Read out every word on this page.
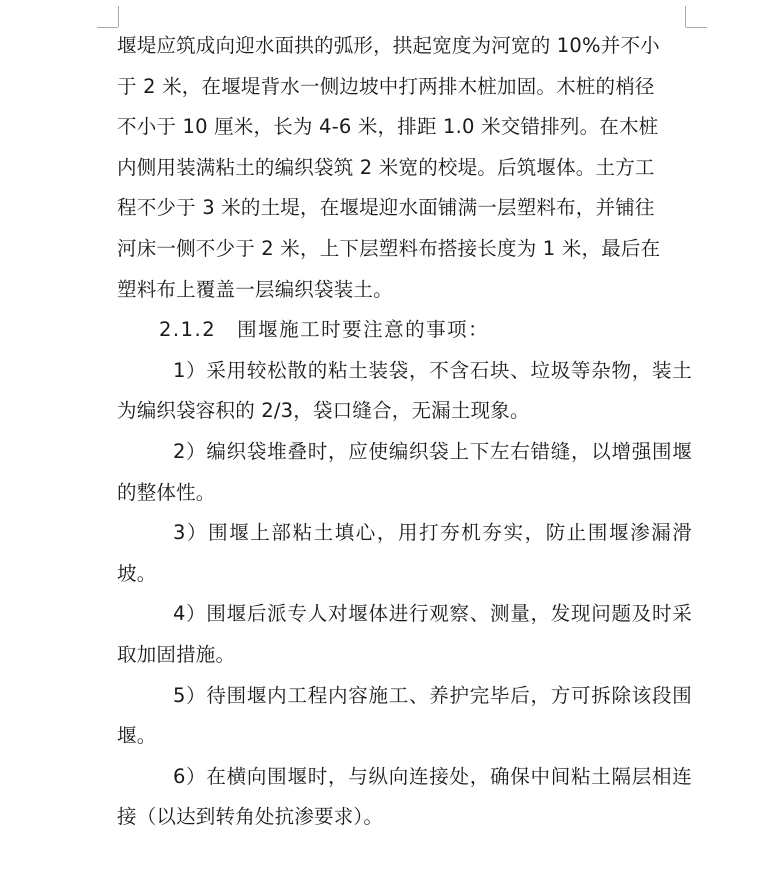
堰堤应筑成向迎水面拱的弧形，拱起宽度为河宽的 10%并不小

于 2 米，在堰堤背水一侧边坡中打两排木桩加固。木桩的梢径

不小于 10 厘米，长为 4-6 米，排距 1.0 米交错排列。在木桩

内侧用装满粘土的编织袋筑 2 米宽的校堤。后筑堰体。土方工

程不少于 3 米的土堤，在堰堤迎水面铺满一层塑料布，并铺往

河床一侧不少于 2 米，上下层塑料布搭接长度为 1 米，最后在

塑料布上覆盖一层编织袋装土。

2.1.2　围堰施工时要注意的事项：

1）采用较松散的粘土装袋，不含石块、垃圾等杂物，装土为编织袋容积的 2/3，袋口缝合，无漏土现象。

2）编织袋堆叠时，应使编织袋上下左右错缝，以增强围堰的整体性。

3）围堰上部粘土填心，用打夯机夯实，防止围堰渗漏滑坡。

4）围堰后派专人对堰体进行观察、测量，发现问题及时采取加固措施。

5）待围堰内工程内容施工、养护完毕后，方可拆除该段围堰。

6）在横向围堰时，与纵向连接处，确保中间粘土隔层相连接（以达到转角处抗渗要求）。
